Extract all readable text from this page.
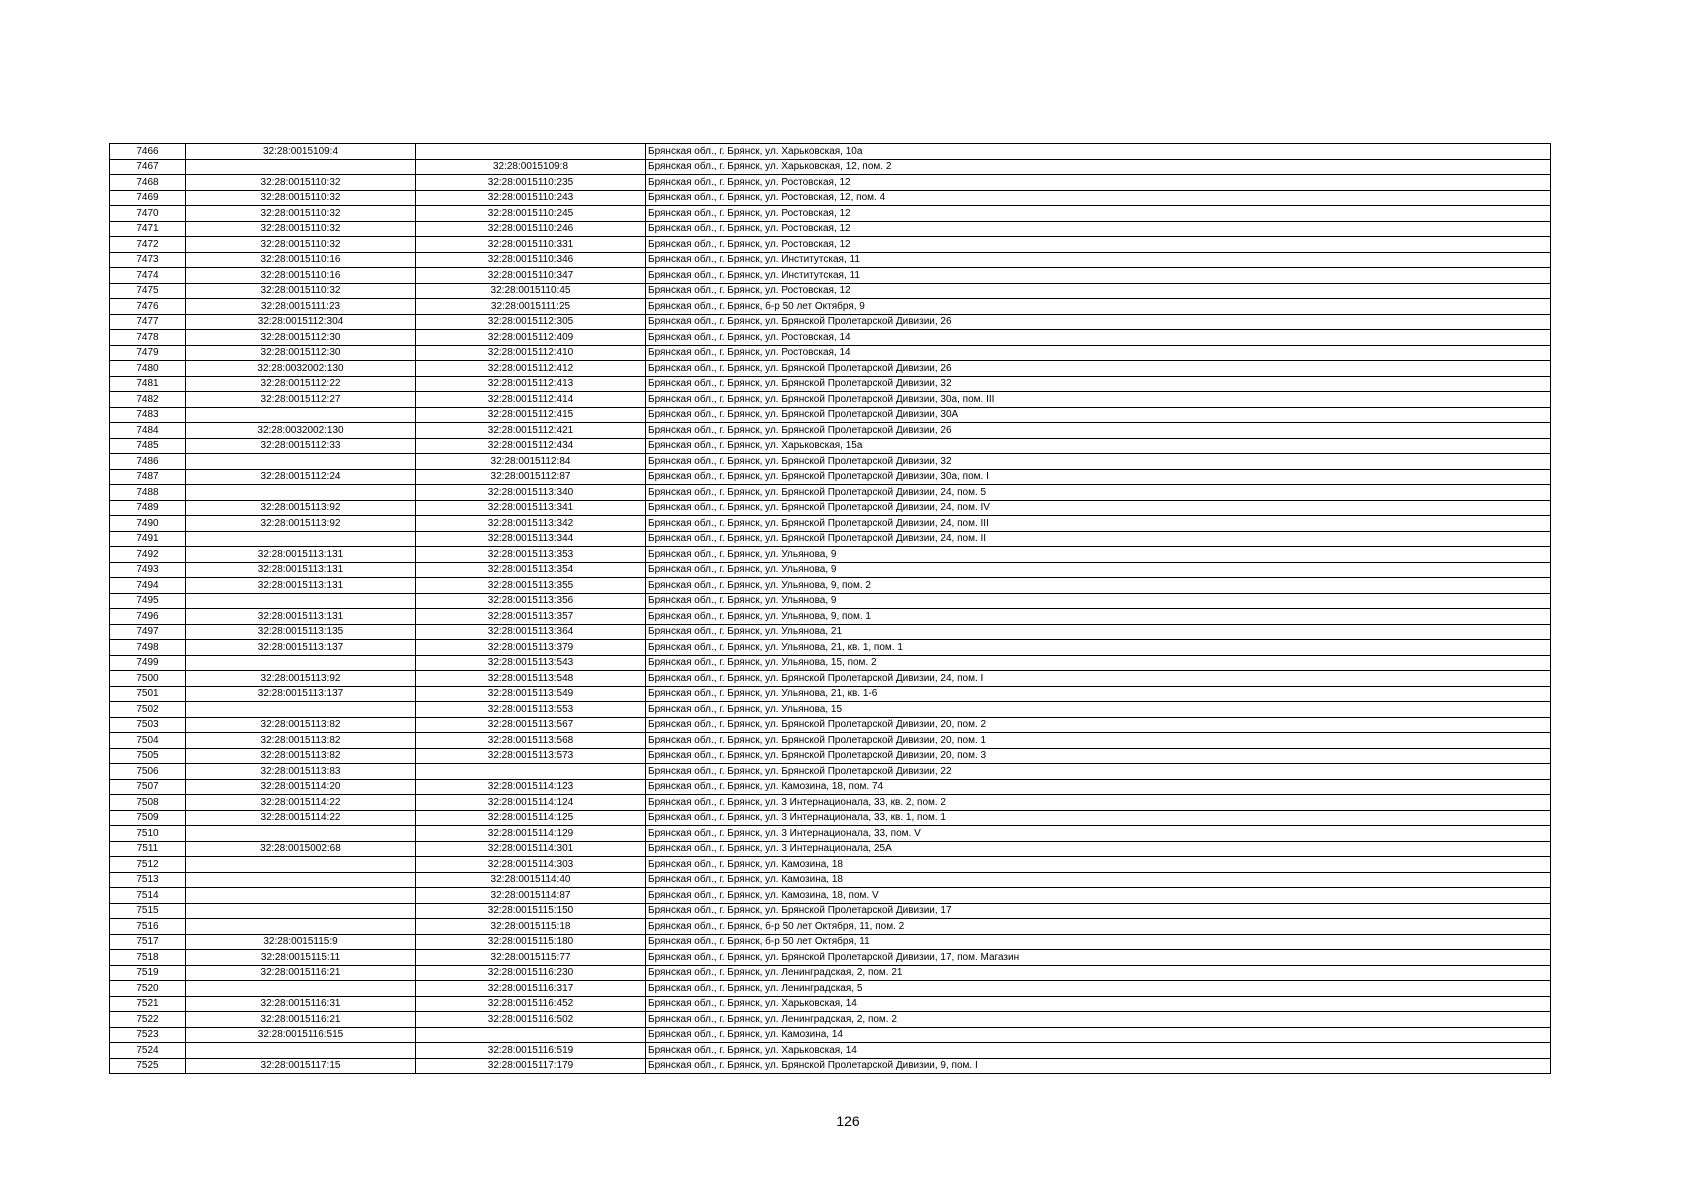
7466	32:28:0015109:4		Брянская обл., г. Брянск, ул. Харьковская, 10а
7467		32:28:0015109:8	Брянская обл., г. Брянск, ул. Харьковская, 12, пом. 2
7468	32:28:0015110:32	32:28:0015110:235	Брянская обл., г. Брянск, ул. Ростовская, 12
7469	32:28:0015110:32	32:28:0015110:243	Брянская обл., г. Брянск, ул. Ростовская, 12, пом. 4
7470	32:28:0015110:32	32:28:0015110:245	Брянская обл., г. Брянск, ул. Ростовская, 12
7471	32:28:0015110:32	32:28:0015110:246	Брянская обл., г. Брянск, ул. Ростовская, 12
7472	32:28:0015110:32	32:28:0015110:331	Брянская обл., г. Брянск, ул. Ростовская, 12
7473	32:28:0015110:16	32:28:0015110:346	Брянская обл., г. Брянск, ул. Институтская, 11
7474	32:28:0015110:16	32:28:0015110:347	Брянская обл., г. Брянск, ул. Институтская, 11
7475	32:28:0015110:32	32:28:0015110:45	Брянская обл., г. Брянск, ул. Ростовская, 12
7476	32:28:0015111:23	32:28:0015111:25	Брянская обл., г. Брянск, б-р 50 лет Октября, 9
7477	32:28:0015112:304	32:28:0015112:305	Брянская обл., г. Брянск, ул. Брянской Пролетарской Дивизии, 26
7478	32:28:0015112:30	32:28:0015112:409	Брянская обл., г. Брянск, ул. Ростовская, 14
7479	32:28:0015112:30	32:28:0015112:410	Брянская обл., г. Брянск, ул. Ростовская, 14
7480	32:28:0032002:130	32:28:0015112:412	Брянская обл., г. Брянск, ул. Брянской Пролетарской Дивизии, 26
7481	32:28:0015112:22	32:28:0015112:413	Брянская обл., г. Брянск, ул. Брянской Пролетарской Дивизии, 32
7482	32:28:0015112:27	32:28:0015112:414	Брянская обл., г. Брянск, ул. Брянской Пролетарской Дивизии, 30а, пом. III
7483		32:28:0015112:415	Брянская обл., г. Брянск, ул. Брянской Пролетарской Дивизии, 30А
7484	32:28:0032002:130	32:28:0015112:421	Брянская обл., г. Брянск, ул. Брянской Пролетарской Дивизии, 26
7485	32:28:0015112:33	32:28:0015112:434	Брянская обл., г. Брянск, ул. Харьковская, 15а
7486		32:28:0015112:84	Брянская обл., г. Брянск, ул. Брянской Пролетарской Дивизии, 32
7487	32:28:0015112:24	32:28:0015112:87	Брянская обл., г. Брянск, ул. Брянской Пролетарской Дивизии, 30а, пом. I
7488		32:28:0015113:340	Брянская обл., г. Брянск, ул. Брянской Пролетарской Дивизии, 24, пом. 5
7489	32:28:0015113:92	32:28:0015113:341	Брянская обл., г. Брянск, ул. Брянской Пролетарской Дивизии, 24, пом. IV
7490	32:28:0015113:92	32:28:0015113:342	Брянская обл., г. Брянск, ул. Брянской Пролетарской Дивизии, 24, пом. III
7491		32:28:0015113:344	Брянская обл., г. Брянск, ул. Брянской Пролетарской Дивизии, 24, пом. II
7492	32:28:0015113:131	32:28:0015113:353	Брянская обл., г. Брянск, ул. Ульянова, 9
7493	32:28:0015113:131	32:28:0015113:354	Брянская обл., г. Брянск, ул. Ульянова, 9
7494	32:28:0015113:131	32:28:0015113:355	Брянская обл., г. Брянск, ул. Ульянова, 9, пом. 2
7495		32:28:0015113:356	Брянская обл., г. Брянск, ул. Ульянова, 9
7496	32:28:0015113:131	32:28:0015113:357	Брянская обл., г. Брянск, ул. Ульянова, 9, пом. 1
7497	32:28:0015113:135	32:28:0015113:364	Брянская обл., г. Брянск, ул. Ульянова, 21
7498	32:28:0015113:137	32:28:0015113:379	Брянская обл., г. Брянск, ул. Ульянова, 21, кв. 1, пом. 1
7499		32:28:0015113:543	Брянская обл., г. Брянск, ул. Ульянова, 15, пом. 2
7500	32:28:0015113:92	32:28:0015113:548	Брянская обл., г. Брянск, ул. Брянской Пролетарской Дивизии, 24, пом. I
7501	32:28:0015113:137	32:28:0015113:549	Брянская обл., г. Брянск, ул. Ульянова, 21, кв. 1-6
7502		32:28:0015113:553	Брянская обл., г. Брянск, ул. Ульянова, 15
7503	32:28:0015113:82	32:28:0015113:567	Брянская обл., г. Брянск, ул. Брянской Пролетарской Дивизии, 20, пом. 2
7504	32:28:0015113:82	32:28:0015113:568	Брянская обл., г. Брянск, ул. Брянской Пролетарской Дивизии, 20, пом. 1
7505	32:28:0015113:82	32:28:0015113:573	Брянская обл., г. Брянск, ул. Брянской Пролетарской Дивизии, 20, пом. 3
7506	32:28:0015113:83		Брянская обл., г. Брянск, ул. Брянской Пролетарской Дивизии, 22
7507	32:28:0015114:20	32:28:0015114:123	Брянская обл., г. Брянск, ул. Камозина, 18, пом. 74
7508	32:28:0015114:22	32:28:0015114:124	Брянская обл., г. Брянск, ул. 3 Интернационала, 33, кв. 2, пом. 2
7509	32:28:0015114:22	32:28:0015114:125	Брянская обл., г. Брянск, ул. 3 Интернационала, 33, кв. 1, пом. 1
7510		32:28:0015114:129	Брянская обл., г. Брянск, ул. 3 Интернационала, 33, пом. V
7511	32:28:0015002:68	32:28:0015114:301	Брянская обл., г. Брянск, ул. 3 Интернационала, 25А
7512		32:28:0015114:303	Брянская обл., г. Брянск, ул. Камозина, 18
7513		32:28:0015114:40	Брянская обл., г. Брянск, ул. Камозина, 18
7514		32:28:0015114:87	Брянская обл., г. Брянск, ул. Камозина, 18, пом. V
7515		32:28:0015115:150	Брянская обл., г. Брянск, ул. Брянской Пролетарской Дивизии, 17
7516		32:28:0015115:18	Брянская обл., г. Брянск, б-р 50 лет Октября, 11, пом. 2
7517	32:28:0015115:9	32:28:0015115:180	Брянская обл., г. Брянск, б-р 50 лет Октября, 11
7518	32:28:0015115:11	32:28:0015115:77	Брянская обл., г. Брянск, ул. Брянской Пролетарской Дивизии, 17, пом. Магазин
7519	32:28:0015116:21	32:28:0015116:230	Брянская обл., г. Брянск, ул. Ленинградская, 2, пом. 21
7520		32:28:0015116:317	Брянская обл., г. Брянск, ул. Ленинградская, 5
7521	32:28:0015116:31	32:28:0015116:452	Брянская обл., г. Брянск, ул. Харьковская, 14
7522	32:28:0015116:21	32:28:0015116:502	Брянская обл., г. Брянск, ул. Ленинградская, 2, пом. 2
7523	32:28:0015116:515		Брянская обл., г. Брянск, ул. Камозина, 14
7524		32:28:0015116:519	Брянская обл., г. Брянск, ул. Харьковская, 14
7525	32:28:0015117:15	32:28:0015117:179	Брянская обл., г. Брянск, ул. Брянской Пролетарской Дивизии, 9, пом. I
126
